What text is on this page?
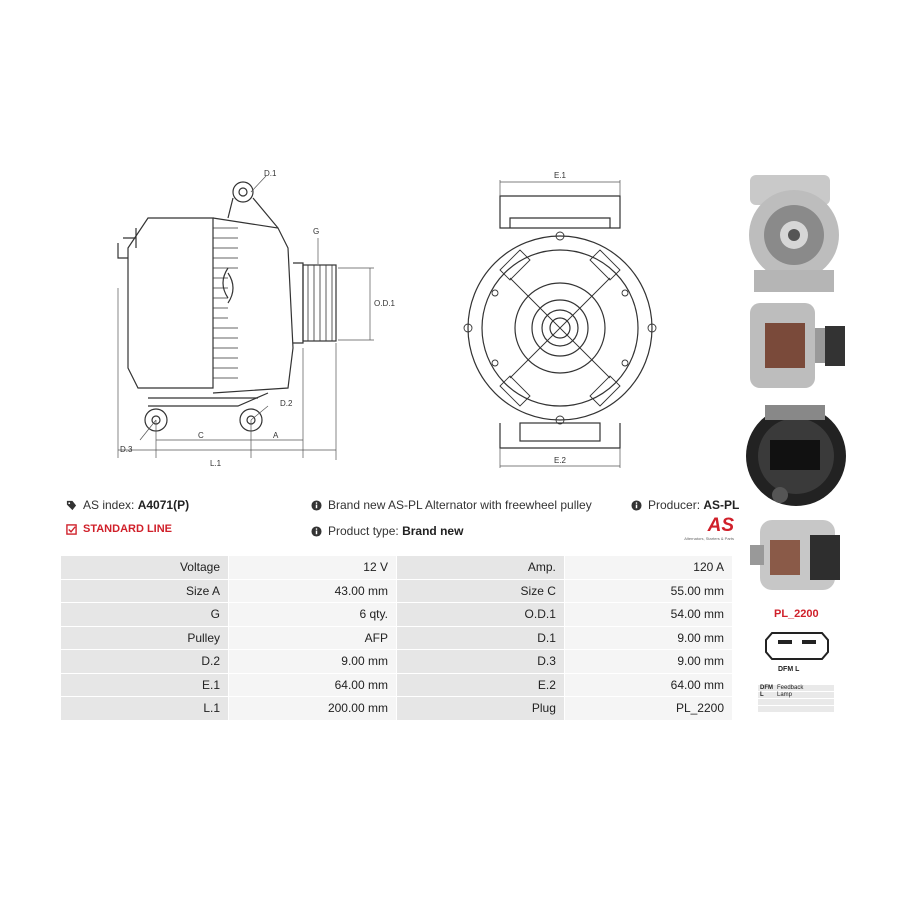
D.1
G
O.D.1
D.2
D.3
C	A
L.1
E.1
E.2
AS index:
A4071(P)
STANDARD LINE
Brand new AS-PL Alternator with freewheel pulley
Product type:
Brand new
Producer:
AS-PL
AS
Alternators, Starters & Parts
Voltage	12 V	Amp.	120 A
Size A	43.00 mm	Size C	55.00 mm
G	6 qty.	O.D.1	54.00 mm
Pulley	AFP	D.1	9.00 mm
D.2	9.00 mm	D.3	9.00 mm
E.1	64.00 mm	E.2	64.00 mm
L.1	200.00 mm	Plug	PL_2200
PL_2200
DFM L
DFM	Feedback
L	Lamp
